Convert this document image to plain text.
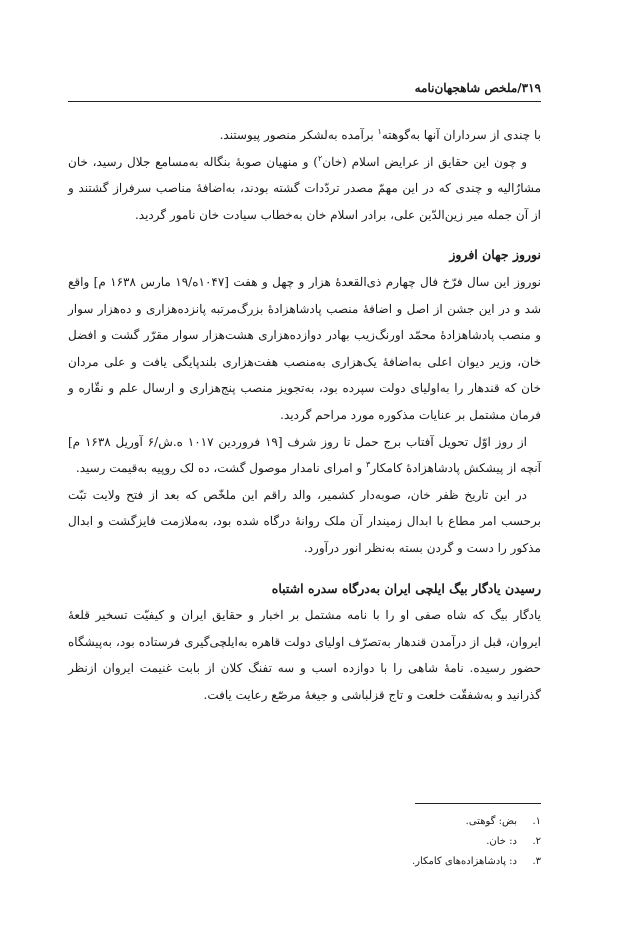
۳۱۹/ملخص شاهجهان‌نامه

با چندی از سرداران آنها به‌گوهته$^۱$ برآمده به‌لشکر منصور پیوستند.

و چون این حقایق از عرایض اسلام (خان$^۲$) و منهیان صوبهٔ بنگاله به‌مسامع جلال رسید، خان مشارٌالیه و چندی که در این مهمّ مصدر تردّدات گشته بودند، به‌اضافهٔ مناصب سرفراز گشتند و از آن جمله میر زین‌الدّین علی، برادر اسلام خان به‌خطاب سیادت خان نامور گردید.

نوروز جهان افروز

نوروز این سال فرّخ فال چهارم ذی‌القعدهٔ هزار و چهل و هفت [۱۰۴۷ه/۱۹ مارس ۱۶۳۸ م] واقع شد و در این جشن از اصل و اضافهٔ منصب پادشاهزادهٔ بزرگ‌مرتبه پانزده‌هزاری و ده‌هزار سوار و منصب پادشاهزادهٔ محمّد اورنگ‌زیب بهادر دوازده‌هزاری هشت‌هزار سوار مقرّر گشت و افضل خان، وزیر دیوان اعلی به‌اضافهٔ یک‌هزاری به‌منصب هفت‌هزاری بلندپایگی یافت و علی مردان خان که قندهار را به‌اولیای دولت سپرده بود، به‌تجویز منصب پنج‌هزاری و ارسال علم و نقّاره و فرمان مشتمل بر عنایات مذکوره مورد مراحم گردید.

از روز اوّل تحویل آفتاب برج حمل تا روز شرف [۱۹ فروردین ۱۰۱۷ ه.ش/۶ آوریل ۱۶۳۸ م] آنچه از پیشکش پادشاهزادهٔ کامکار$^۳$ و امرای نامدار موصول گشت، ده لک روپیه به‌قیمت رسید.

در این تاریخ ظفر خان، صوبه‌دار کشمیر، والد راقم این ملخّص که بعد از فتح ولایت تبّت برحسب امر مطاع با ابدال زمیندار آن ملک روانهٔ درگاه شده بود، به‌ملازمت فایزگشت و ابدال مذکور را دست و گردن بسته به‌نظر انور درآورد.

رسیدن یادگار بیگ ایلچی ایران به‌درگاه سدره اشتباه

یادگار بیگ که شاه صفی او را با نامه مشتمل بر اخبار و حقایق ایران و کیفیّت تسخیر قلعهٔ ایروان، قبل از درآمدن قندهار به‌تصرّف اولیای دولت قاهره به‌ایلچی‌گیری فرستاده بود، به‌پیشگاه حضور رسیده. نامهٔ شاهی را با دوازده اسب و سه تفنگ کلان از بابت غنیمت ایروان ازنظر گذرانید و به‌شفقّت خلعت و تاج قزلباشی و جیغهٔ مرصّع رعایت یافت.

۱.
بض: گوهتی.
۲.
د: خان.
۳.
د: پادشاهزاده‌های کامکار.
